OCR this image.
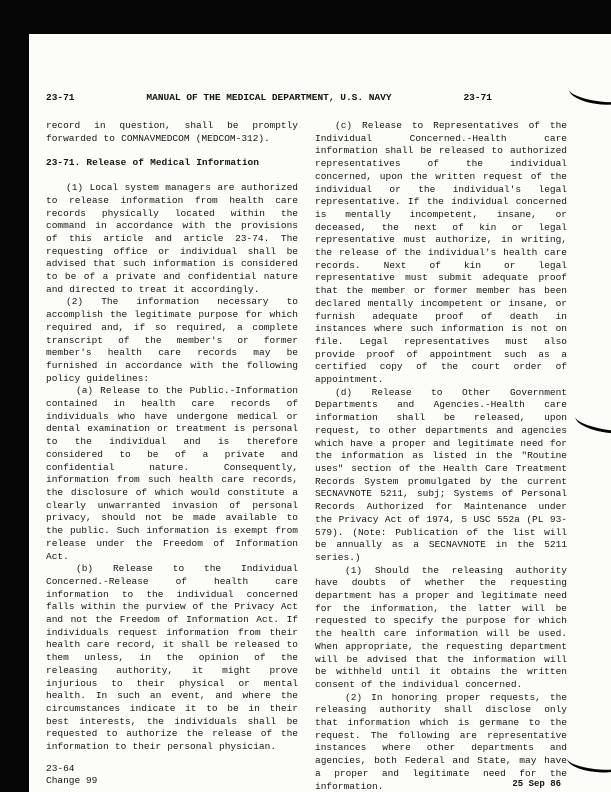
23-71	MANUAL OF THE MEDICAL DEPARTMENT, U.S. NAVY	23-71

record in question, shall be promptly forwarded to COMNAVMEDCOM (MEDCOM-312).

23-71. Release of Medical Information

(1) Local system managers are authorized to release information from health care records physically located within the command in accordance with the provisions of this article and article 23-74. The requesting office or individual shall be advised that such information is considered to be of a private and confidential nature and directed to treat it accordingly.

(2) The information necessary to accomplish the legitimate purpose for which required and, if so required, a complete transcript of the member's or former member's health care records may be furnished in accordance with the following policy guidelines:

(a) Release to the Public.-Information contained in health care records of individuals who have undergone medical or dental examination or treatment is personal to the individual and is therefore considered to be of a private and confidential nature. Consequently, information from such health care records, the disclosure of which would constitute a clearly unwarranted invasion of personal privacy, should not be made available to the public. Such information is exempt from release under the Freedom of Information Act.

(b) Release to the Individual Concerned.-Release of health care information to the individual concerned falls within the purview of the Privacy Act and not the Freedom of Information Act. If individuals request information from their health care record, it shall be released to them unless, in the opinion of the releasing authority, it might prove injurious to their physical or mental health. In such an event, and where the circumstances indicate it to be in their best interests, the individuals shall be requested to authorize the release of the information to their personal physician.

(c) Release to Representatives of the Individual Concerned.-Health care information shall be released to authorized representatives of the individual concerned, upon the written request of the individual or the individual's legal representative. If the individual concerned is mentally incompetent, insane, or deceased, the next of kin or legal representative must authorize, in writing, the release of the individual's health care records. Next of kin or legal representative must submit adequate proof that the member or former member has been declared mentally incompetent or insane, or furnish adequate proof of death in instances where such information is not on file. Legal representatives must also provide proof of appointment such as a certified copy of the court order of appointment.

(d) Release to Other Government Departments and Agencies.-Health care information shall be released, upon request, to other departments and agencies which have a proper and legitimate need for the information as listed in the "Routine uses" section of the Health Care Treatment Records System promulgated by the current SECNAVNOTE 5211, subj; Systems of Personal Records Authorized for Maintenance under the Privacy Act of 1974, 5 USC 552a (PL 93-579). (Note: Publication of the list will be annually as a SECNAVNOTE in the 5211 series.)

(1) Should the releasing authority have doubts of whether the requesting department has a proper and legitimate need for the information, the latter will be requested to specify the purpose for which the health care information will be used. When appropriate, the requesting department will be advised that the information will be withheld until it obtains the written consent of the individual concerned.

(2) In honoring proper requests, the releasing authority shall disclose only that information which is germane to the request. The following are representative instances where other departments and agencies, both Federal and State, may have a proper and legitimate need for the information.

23-64
Change 99	25 Sep 86
